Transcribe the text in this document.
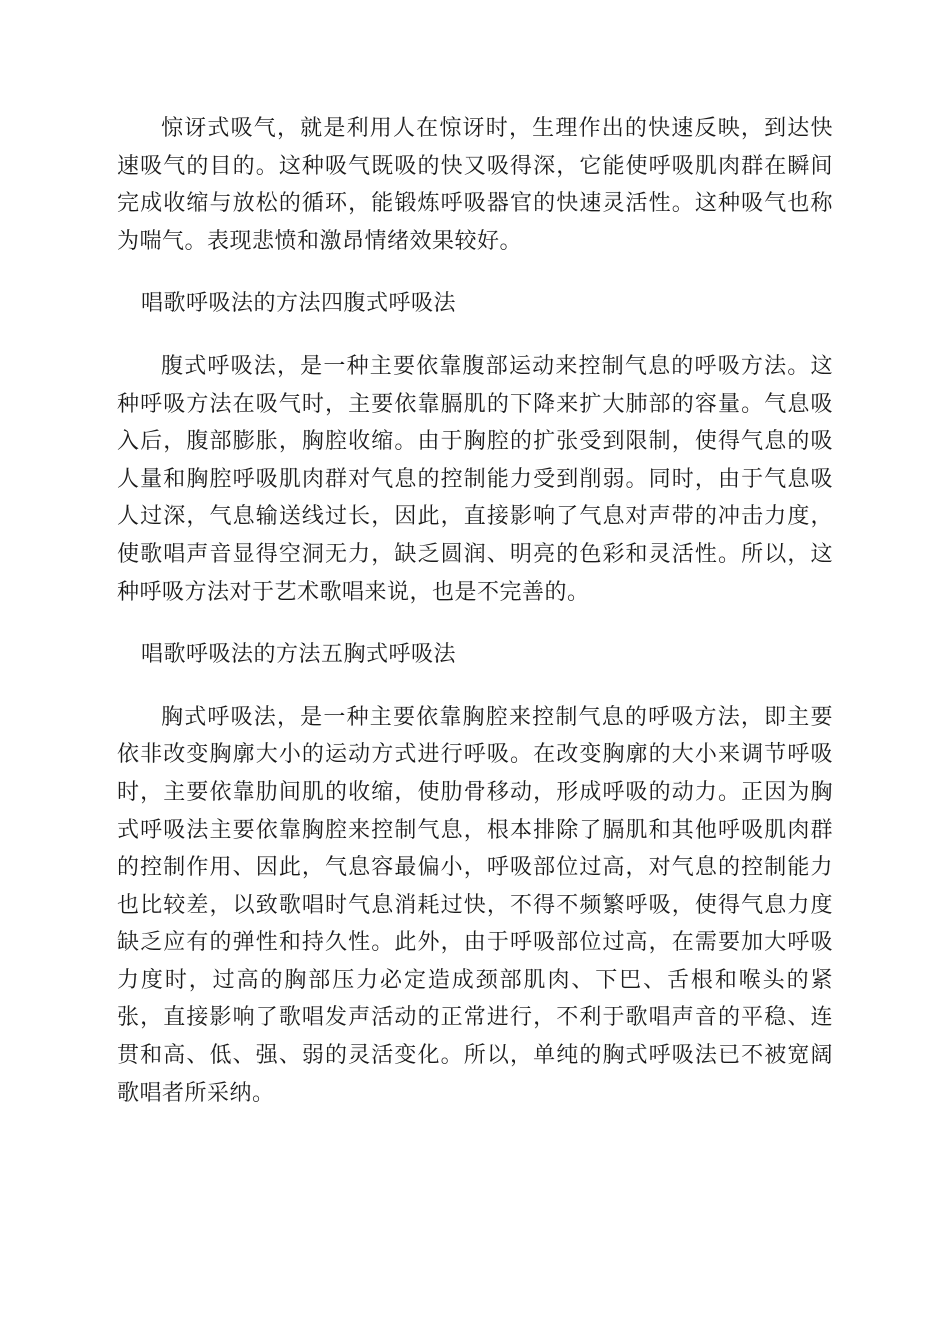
惊讶式吸气，就是利用人在惊讶时，生理作出的快速反映，到达快速吸气的目的。这种吸气既吸的快又吸得深，它能使呼吸肌肉群在瞬间完成收缩与放松的循环，能锻炼呼吸器官的快速灵活性。这种吸气也称为喘气。表现悲愤和激昂情绪效果较好。

唱歌呼吸法的方法四腹式呼吸法

腹式呼吸法，是一种主要依靠腹部运动来控制气息的呼吸方法。这种呼吸方法在吸气时，主要依靠膈肌的下降来扩大肺部的容量。气息吸入后，腹部膨胀，胸腔收缩。由于胸腔的扩张受到限制，使得气息的吸人量和胸腔呼吸肌肉群对气息的控制能力受到削弱。同时，由于气息吸人过深，气息输送线过长，因此，直接影响了气息对声带的冲击力度，使歌唱声音显得空洞无力，缺乏圆润、明亮的色彩和灵活性。所以，这种呼吸方法对于艺术歌唱来说，也是不完善的。

唱歌呼吸法的方法五胸式呼吸法

胸式呼吸法，是一种主要依靠胸腔来控制气息的呼吸方法，即主要依非改变胸廓大小的运动方式进行呼吸。在改变胸廓的大小来调节呼吸时，主要依靠肋间肌的收缩，使肋骨移动，形成呼吸的动力。正因为胸式呼吸法主要依靠胸腔来控制气息，根本排除了膈肌和其他呼吸肌肉群的控制作用、因此，气息容最偏小，呼吸部位过高，对气息的控制能力也比较差，以致歌唱时气息消耗过快，不得不频繁呼吸，使得气息力度缺乏应有的弹性和持久性。此外，由于呼吸部位过高，在需要加大呼吸力度时，过高的胸部压力必定造成颈部肌肉、下巴、舌根和喉头的紧张，直接影响了歌唱发声活动的正常进行，不利于歌唱声音的平稳、连贯和高、低、强、弱的灵活变化。所以，单纯的胸式呼吸法已不被宽阔歌唱者所采纳。
